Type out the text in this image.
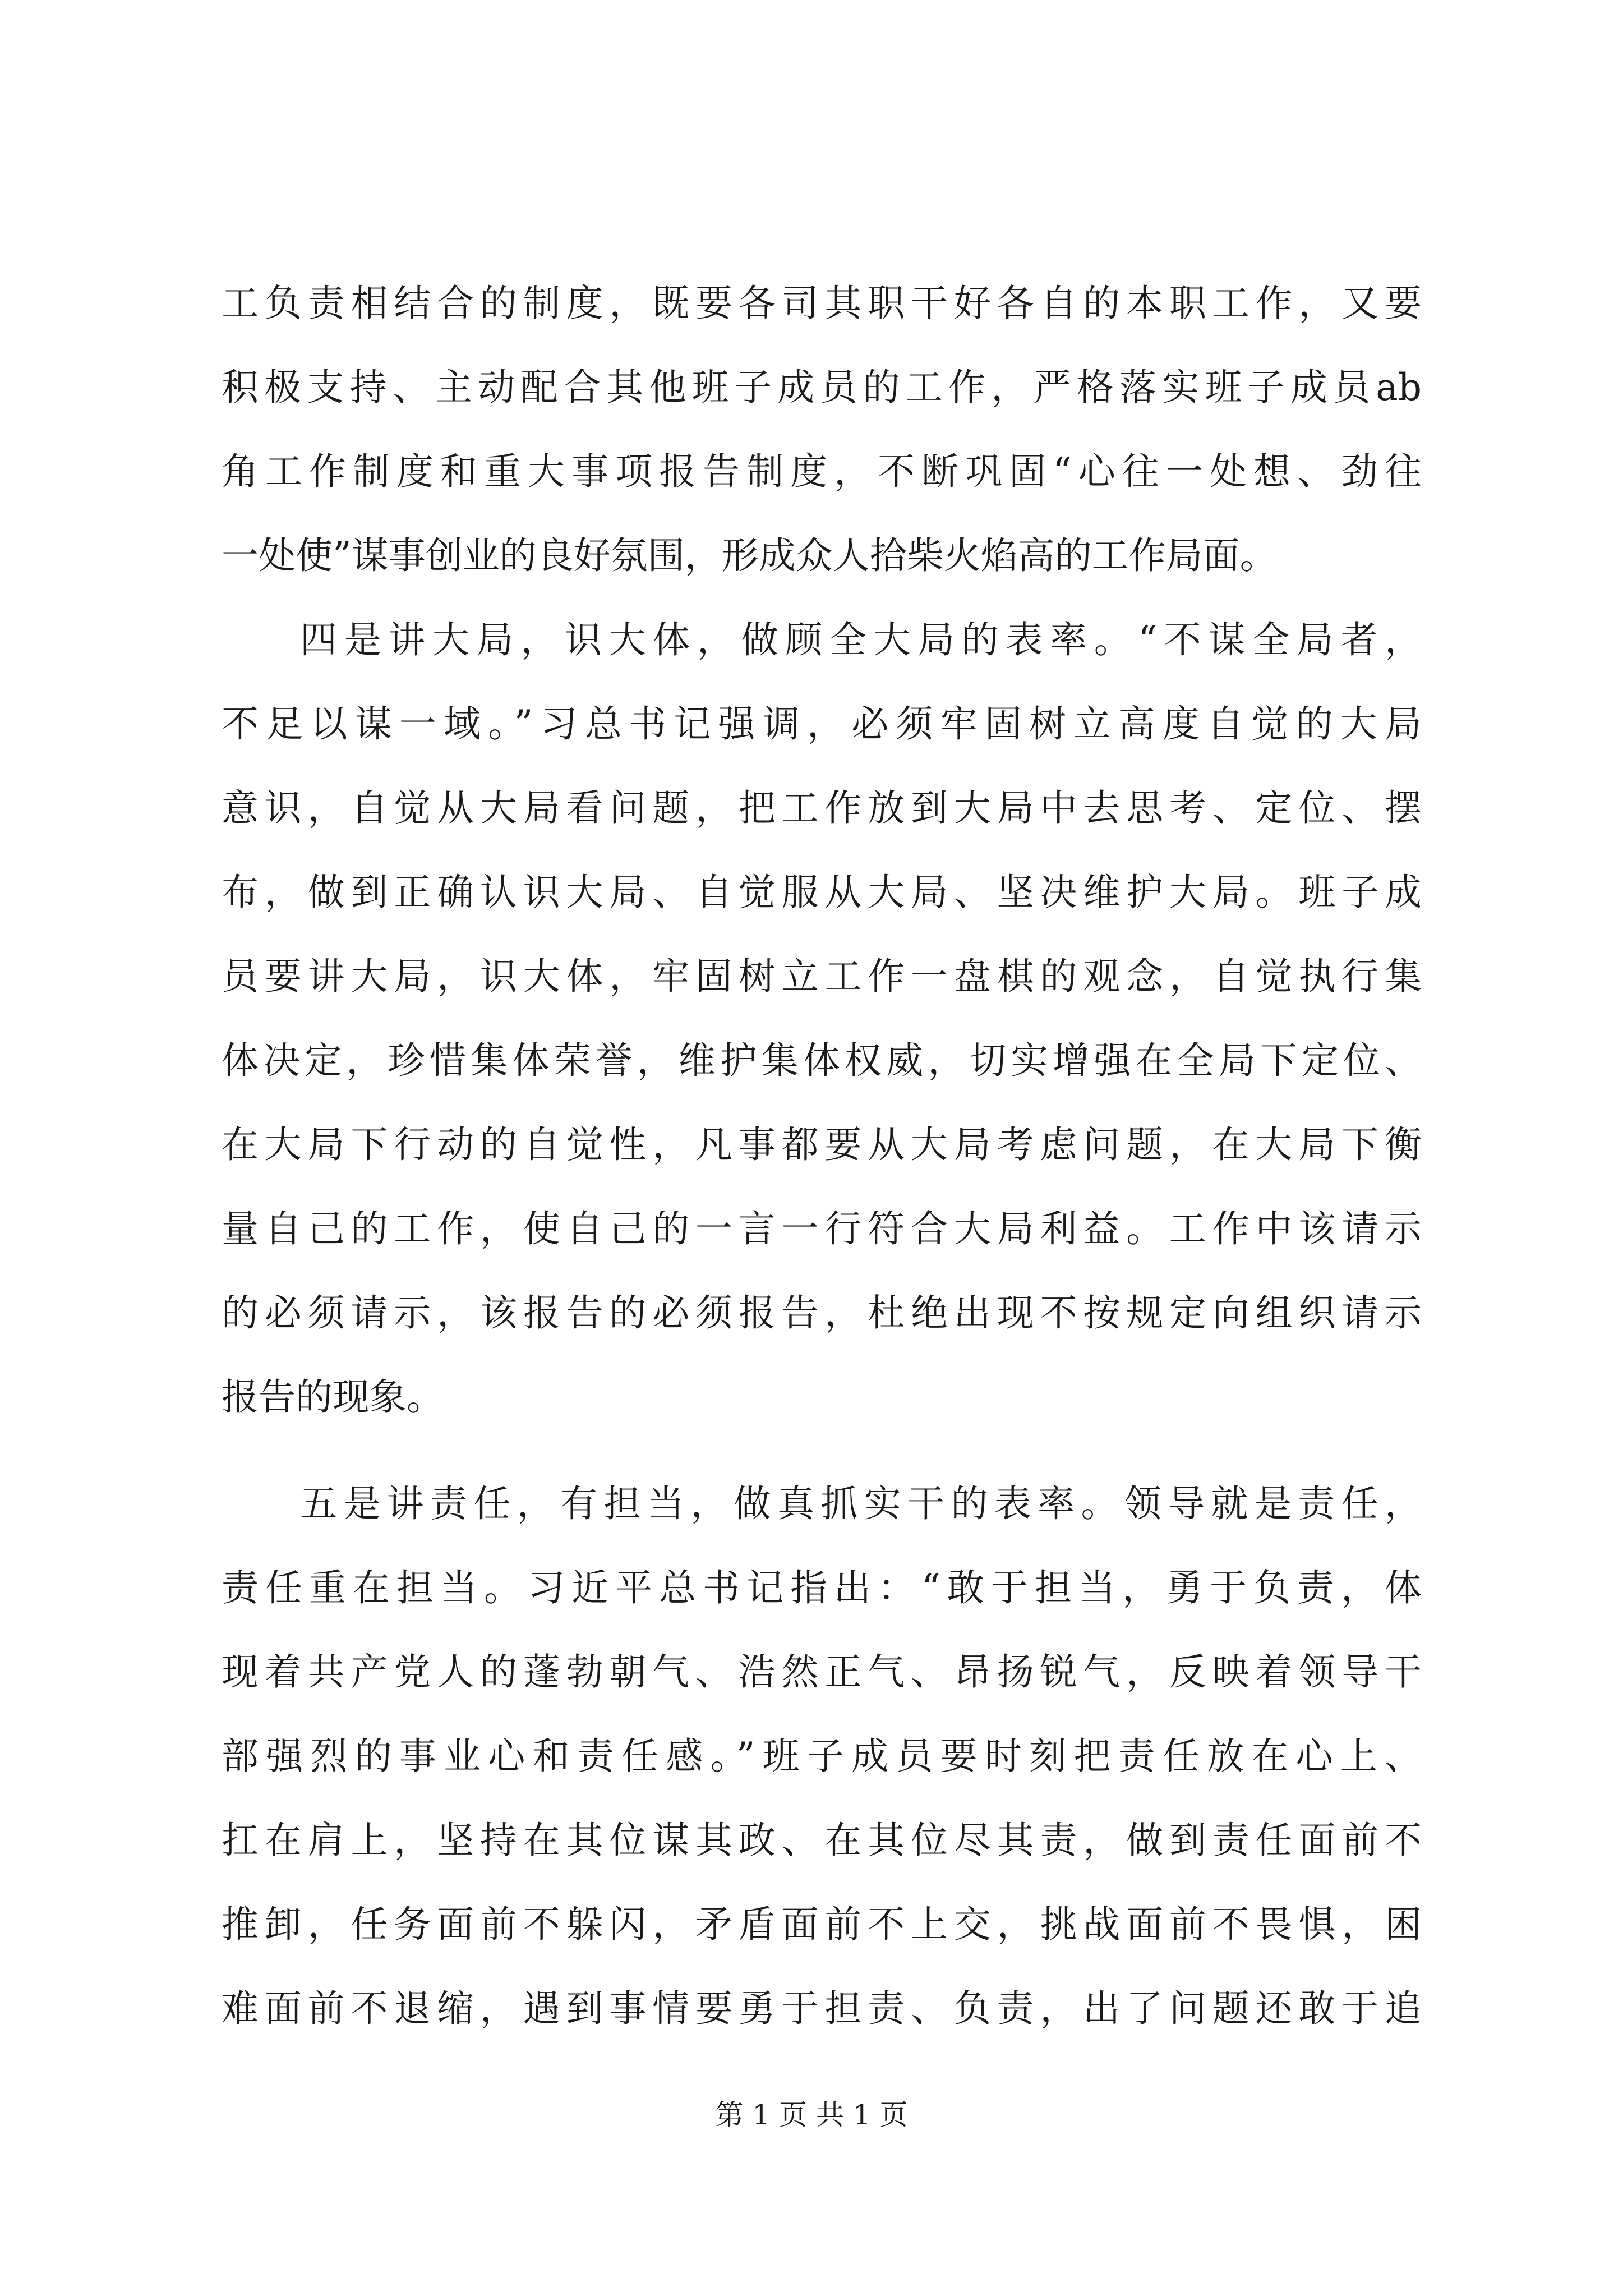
工负责相结合的制度，既要各司其职干好各自的本职工作，又要
积极支持、主动配合其他班子成员的工作，严格落实班子成员ab
角工作制度和重大事项报告制度，不断巩固“心往一处想、劲往
一处使”谋事创业的良好氛围，形成众人拾柴火焰高的工作局面。
四是讲大局，识大体，做顾全大局的表率。“不谋全局者，
不足以谋一域。”习总书记强调，必须牢固树立高度自觉的大局
意识，自觉从大局看问题，把工作放到大局中去思考、定位、摆
布，做到正确认识大局、自觉服从大局、坚决维护大局。班子成
员要讲大局，识大体，牢固树立工作一盘棋的观念，自觉执行集
体决定，珍惜集体荣誉，维护集体权威，切实增强在全局下定位、
在大局下行动的自觉性，凡事都要从大局考虑问题，在大局下衡
量自己的工作，使自己的一言一行符合大局利益。工作中该请示
的必须请示，该报告的必须报告，杜绝出现不按规定向组织请示
报告的现象。
五是讲责任，有担当，做真抓实干的表率。领导就是责任，
责任重在担当。习近平总书记指出：“敢于担当，勇于负责，体
现着共产党人的蓬勃朝气、浩然正气、昂扬锐气，反映着领导干
部强烈的事业心和责任感。”班子成员要时刻把责任放在心上、
扛在肩上，坚持在其位谋其政、在其位尽其责，做到责任面前不
推卸，任务面前不躲闪，矛盾面前不上交，挑战面前不畏惧，困
难面前不退缩，遇到事情要勇于担责、负责，出了问题还敢于追
第 1 页 共 1 页
